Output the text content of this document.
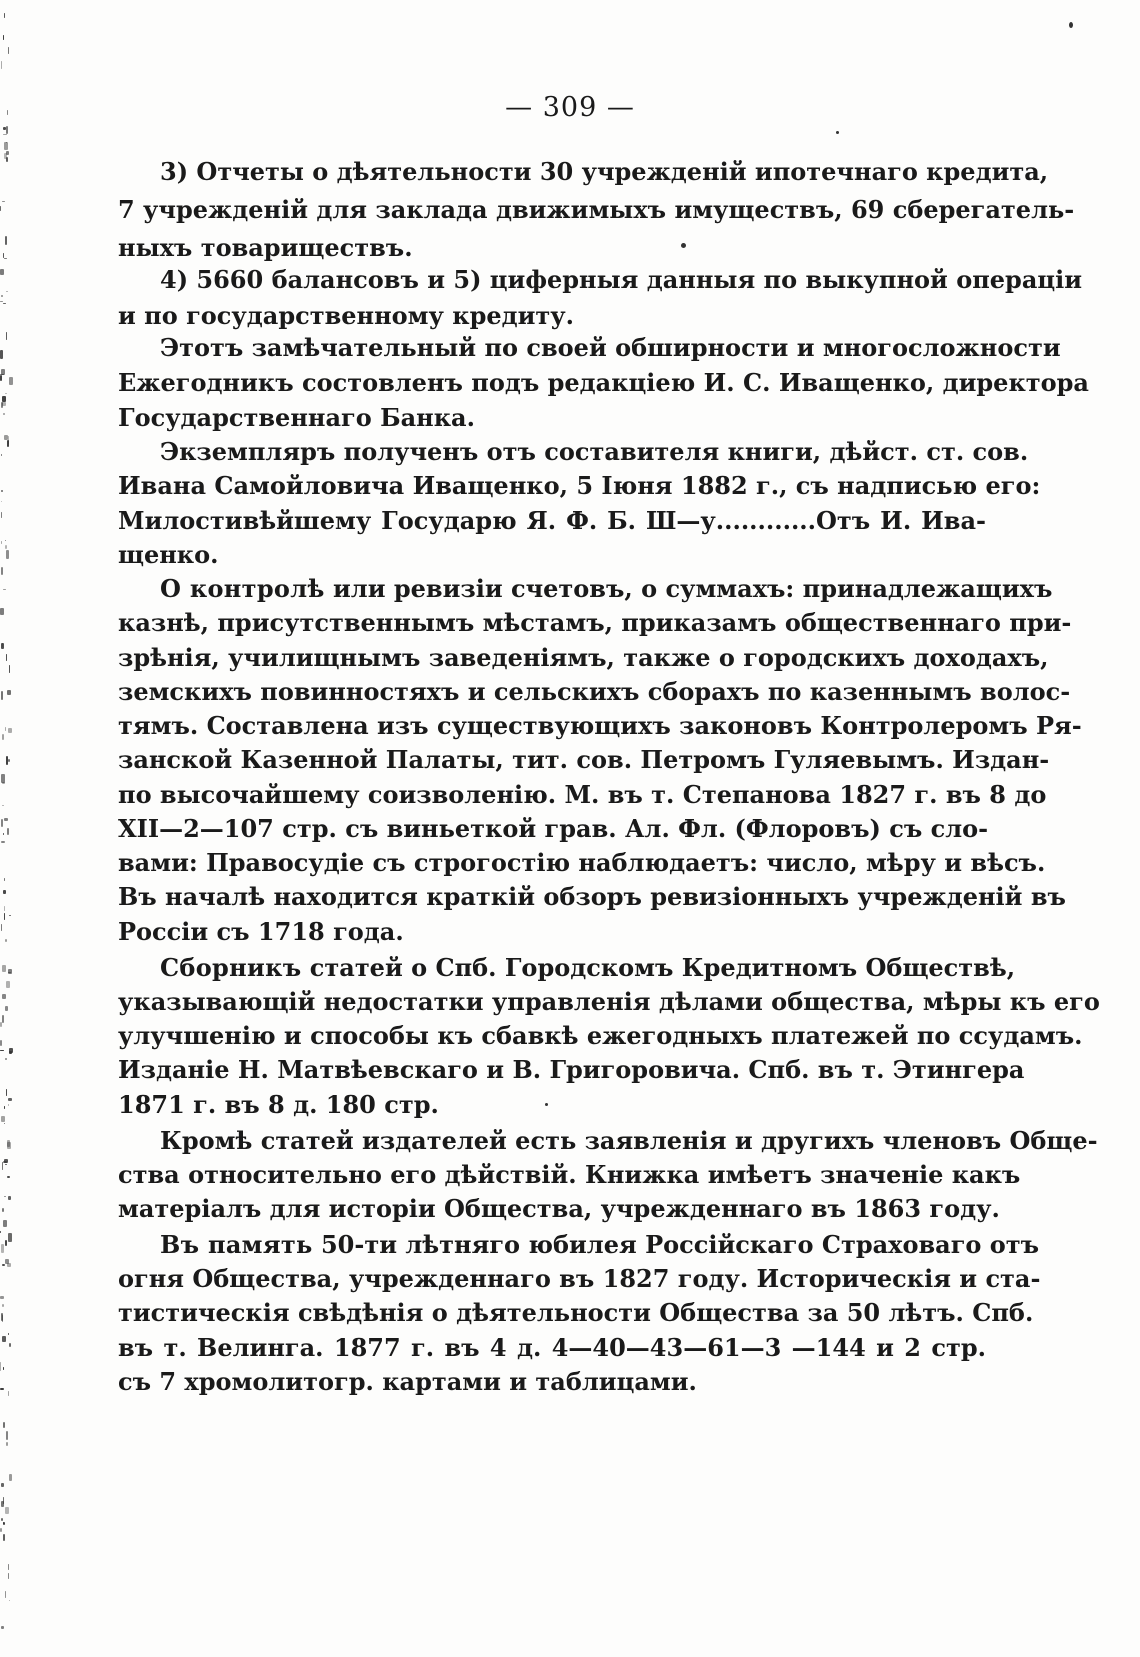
— 309 —
3) Отчеты о дѣятельности 30 учрежденій ипотечнаго кредита,
7 учрежденій для заклада движимыхъ имуществъ, 69 сберегатель-
ныхъ товариществъ.
4) 5660 балансовъ и 5) циферныя данныя по выкупной операціи
и по государственному кредиту.
Этотъ замѣчательный по своей обширности и многосложности
Ежегодникъ состовленъ подъ редакціею И. С. Иващенко, директора
Государственнаго Банка.
Экземпляръ полученъ отъ составителя книги, дѣйст. ст. сов.
Ивана Самойловича Иващенко, 5 Іюня 1882 г., съ надписью его:
Милостивѣйшему Государю Я. Ф. Б. Ш—у............Отъ И. Ива-
щенко.
О контролѣ или ревизіи счетовъ, о суммахъ: принадлежащихъ
казнѣ, присутственнымъ мѣстамъ, приказамъ общественнаго при-
зрѣнія, училищнымъ заведеніямъ, также о городскихъ доходахъ,
земскихъ повинностяхъ и сельскихъ сборахъ по казеннымъ волос-
тямъ. Составлена изъ существующихъ законовъ Контролеромъ Ря-
занской Казенной Палаты, тит. сов. Петромъ Гуляевымъ. Издан-
по высочайшему соизволенію. М. въ т. Степанова 1827 г. въ 8 до
XII—2—107 стр. съ виньеткой грав. Ал. Фл. (Флоровъ) съ сло-
вами: Правосудіе съ строгостію наблюдаетъ: число, мѣру и вѣсъ.
Въ началѣ находится краткій обзоръ ревизіонныхъ учрежденій въ
Россіи съ 1718 года.
Сборникъ статей о Спб. Городскомъ Кредитномъ Обществѣ,
указывающій недостатки управленія дѣлами общества, мѣры къ его
улучшенію и способы къ сбавкѣ ежегодныхъ платежей по ссудамъ.
Изданіе Н. Матвѣевскаго и В. Григоровича. Спб. въ т. Этингера
1871 г. въ 8 д. 180 стр.
Кромѣ статей издателей есть заявленія и другихъ членовъ Обще-
ства относительно его дѣйствій. Книжка имѣетъ значеніе какъ
матеріалъ для исторіи Общества, учрежденнаго въ 1863 году.
Въ память 50-ти лѣтняго юбилея Россійскаго Страховаго отъ
огня Общества, учрежденнаго въ 1827 году. Историческія и ста-
тистическія свѣдѣнія о дѣятельности Общества за 50 лѣтъ. Спб.
въ т. Велинга. 1877 г. въ 4 д. 4—40—43—61—3 —144 и 2 стр.
съ 7 хромолитогр. картами и таблицами.
